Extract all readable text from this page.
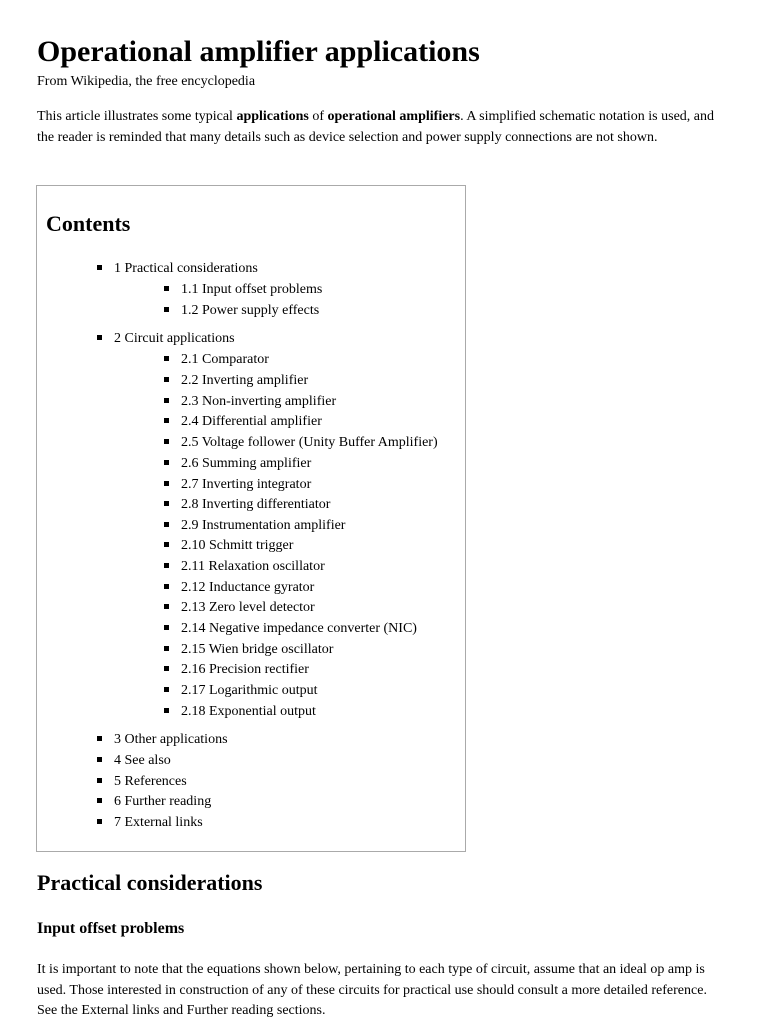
Operational amplifier applications
From Wikipedia, the free encyclopedia

This article illustrates some typical applications of operational amplifiers. A simplified schematic notation is used, and the reader is reminded that many details such as device selection and power supply connections are not shown.

Contents
1 Practical considerations
1.1 Input offset problems
1.2 Power supply effects
2 Circuit applications
2.1 Comparator
2.2 Inverting amplifier
2.3 Non-inverting amplifier
2.4 Differential amplifier
2.5 Voltage follower (Unity Buffer Amplifier)
2.6 Summing amplifier
2.7 Inverting integrator
2.8 Inverting differentiator
2.9 Instrumentation amplifier
2.10 Schmitt trigger
2.11 Relaxation oscillator
2.12 Inductance gyrator
2.13 Zero level detector
2.14 Negative impedance converter (NIC)
2.15 Wien bridge oscillator
2.16 Precision rectifier
2.17 Logarithmic output
2.18 Exponential output
3 Other applications
4 See also
5 References
6 Further reading
7 External links
Practical considerations
Input offset problems

It is important to note that the equations shown below, pertaining to each type of circuit, assume that an ideal op amp is used. Those interested in construction of any of these circuits for practical use should consult a more detailed reference. See the External links and Further reading sections.
